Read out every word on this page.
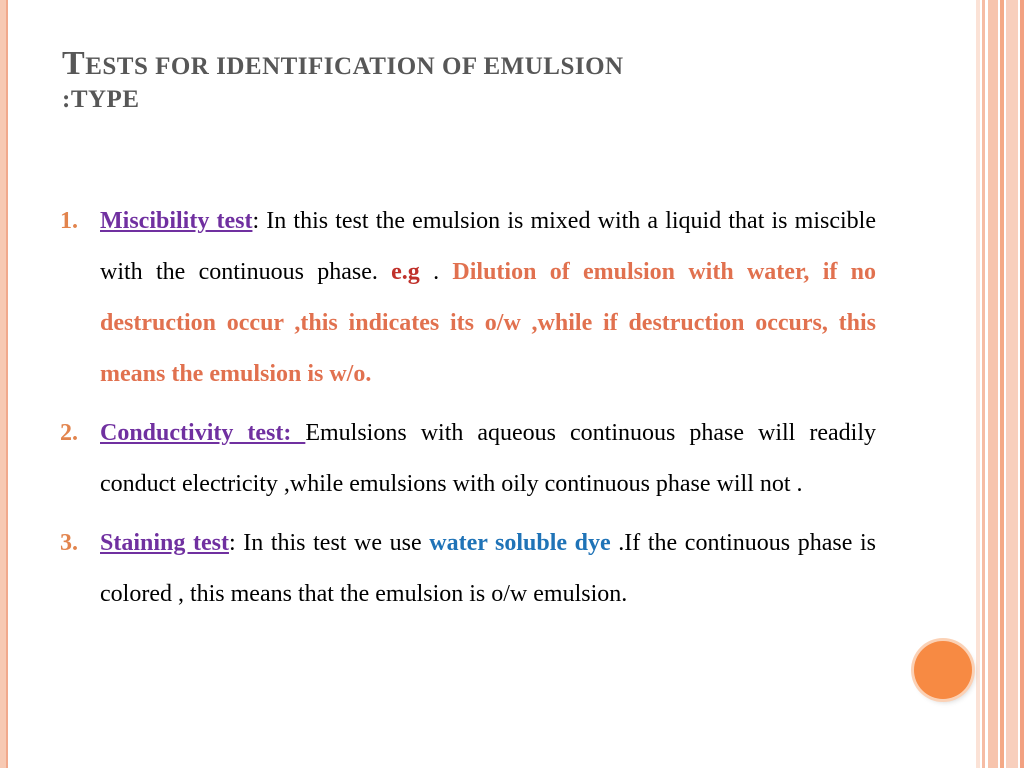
TESTS FOR IDENTIFICATION OF EMULSION
:TYPE
1. Miscibility test: In this test the emulsion is mixed with a liquid that is miscible with the continuous phase. e.g . Dilution of emulsion with water, if no destruction occur ,this indicates its o/w ,while if destruction occurs, this means the emulsion is w/o.
2. Conductivity test: Emulsions with aqueous continuous phase will readily conduct electricity ,while emulsions with oily continuous phase will not .
3. Staining test: In this test we use water soluble dye .If the continuous phase is colored , this means that the emulsion is o/w emulsion.
